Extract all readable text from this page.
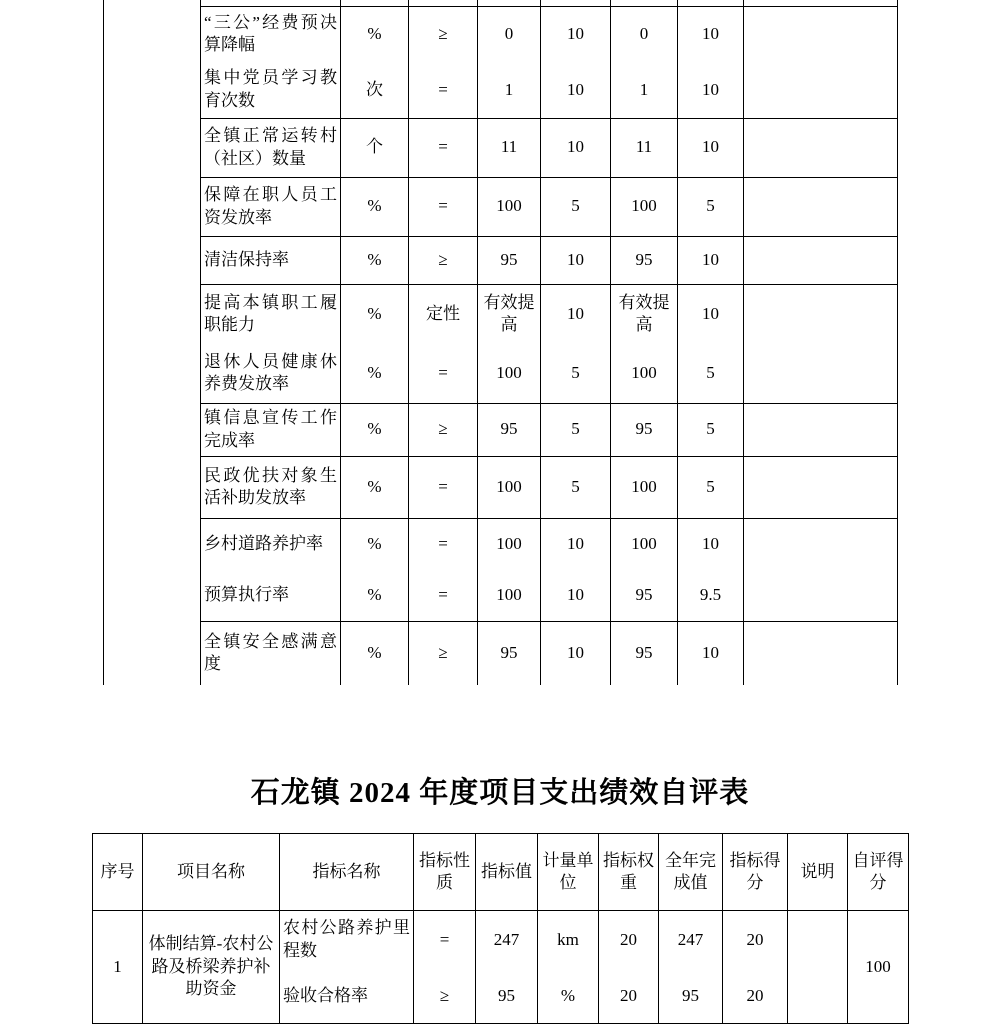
	“三公”经费预决算降幅	%	≥	0	10	0	10	
	集中党员学习教育次数	次	=	1	10	1	10	
	全镇正常运转村（社区）数量	个	=	11	10	11	10	
	保障在职人员工资发放率	%	=	100	5	100	5	
	清洁保持率	%	≥	95	10	95	10	
	提高本镇职工履职能力	%	定性	有效提高	10	有效提高	10	
	退休人员健康休养费发放率	%	=	100	5	100	5	
	镇信息宣传工作完成率	%	≥	95	5	95	5	
	民政优扶对象生活补助发放率	%	=	100	5	100	5	
	乡村道路养护率	%	=	100	10	100	10	
	预算执行率	%	=	100	10	95	9.5	
	全镇安全感满意度	%	≥	95	10	95	10	
石龙镇 2024 年度项目支出绩效自评表
序号	项目名称	指标名称	指标性质	指标值	计量单位	指标权重	全年完成值	指标得分	说明	自评得分
1	体制结算-农村公路及桥梁养护补助资金	农村公路养护里程数	=	247	km	20	247	20		100
		验收合格率	≥	95	%	20	95	20		
